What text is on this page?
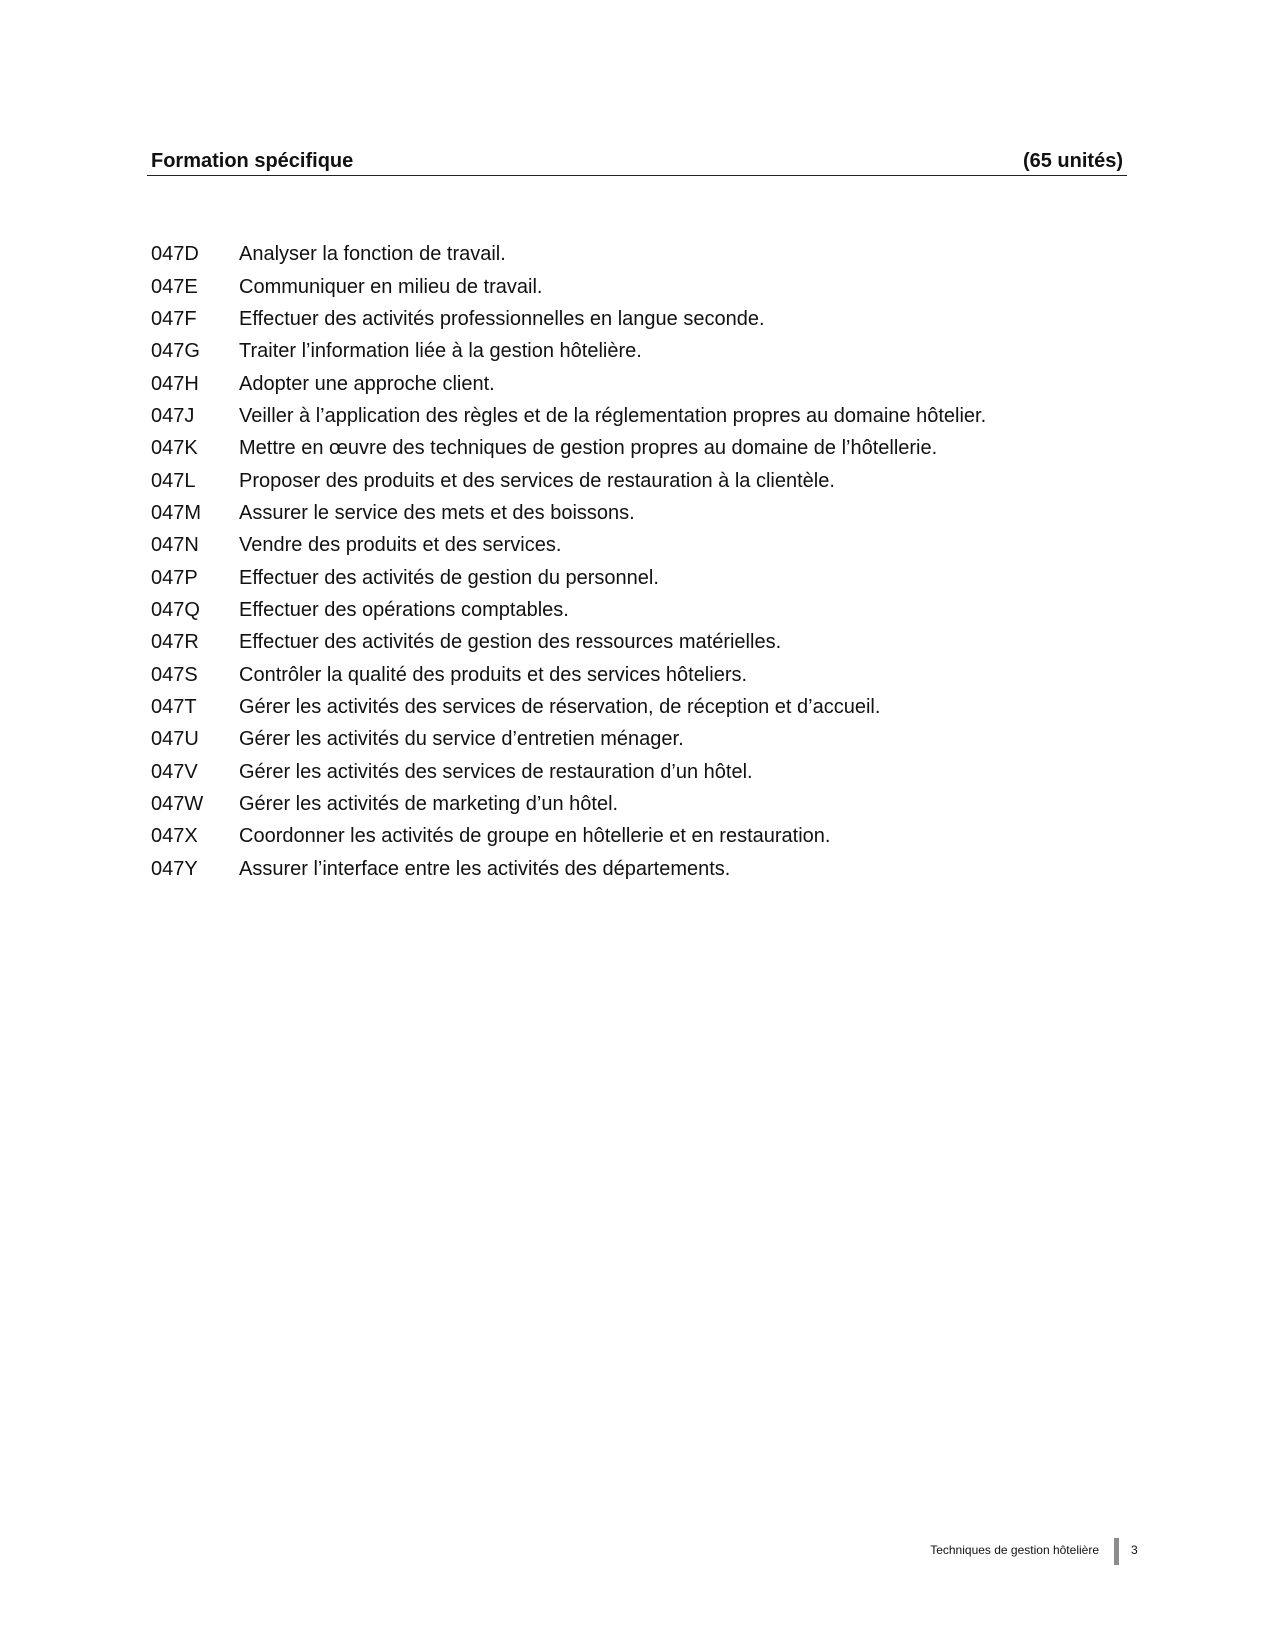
Formation spécifique	(65 unités)
047D	Analyser la fonction de travail.
047E	Communiquer en milieu de travail.
047F	Effectuer des activités professionnelles en langue seconde.
047G	Traiter l’information liée à la gestion hôtelière.
047H	Adopter une approche client.
047J	Veiller à l’application des règles et de la réglementation propres au domaine hôtelier.
047K	Mettre en œuvre des techniques de gestion propres au domaine de l’hôtellerie.
047L	Proposer des produits et des services de restauration à la clientèle.
047M	Assurer le service des mets et des boissons.
047N	Vendre des produits et des services.
047P	Effectuer des activités de gestion du personnel.
047Q	Effectuer des opérations comptables.
047R	Effectuer des activités de gestion des ressources matérielles.
047S	Contrôler la qualité des produits et des services hôteliers.
047T	Gérer les activités des services de réservation, de réception et d’accueil.
047U	Gérer les activités du service d’entretien ménager.
047V	Gérer les activités des services de restauration d’un hôtel.
047W	Gérer les activités de marketing d’un hôtel.
047X	Coordonner les activités de groupe en hôtellerie et en restauration.
047Y	Assurer l’interface entre les activités des départements.
Techniques de gestion hôtelière	3
